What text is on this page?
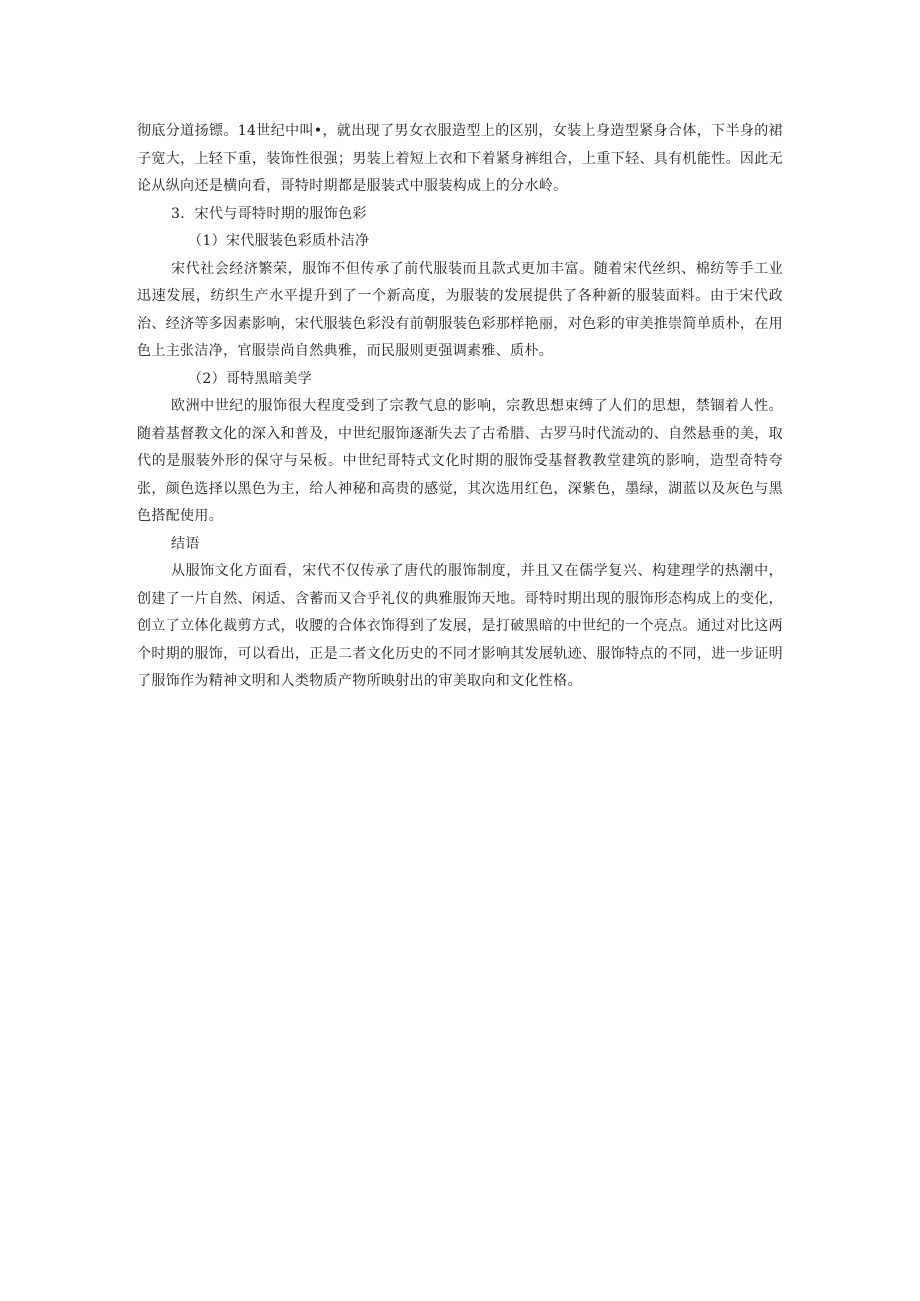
彻底分道扬镖。14世纪中叫•，就出现了男女衣服造型上的区别，女装上身造型紧身合体，下半身的裙子宽大，上轻下重，装饰性很强；男装上着短上衣和下着紧身裤组合，上重下轻、具有机能性。因此无论从纵向还是横向看，哥特时期都是服装式中服装构成上的分水岭。

3．宋代与哥特时期的服饰色彩

（1）宋代服装色彩质朴洁净

宋代社会经济繁荣，服饰不但传承了前代服装而且款式更加丰富。随着宋代丝织、棉纺等手工业迅速发展，纺织生产水平提升到了一个新高度，为服装的发展提供了各种新的服装面料。由于宋代政治、经济等多因素影响，宋代服装色彩没有前朝服装色彩那样艳丽，对色彩的审美推崇简单质朴，在用色上主张洁净，官服崇尚自然典雅，而民服则更强调素雅、质朴。

（2）哥特黑暗美学

欧洲中世纪的服饰很大程度受到了宗教气息的影响，宗教思想束缚了人们的思想，禁锢着人性。随着基督教文化的深入和普及，中世纪服饰逐渐失去了古希腊、古罗马时代流动的、自然悬垂的美，取代的是服装外形的保守与呆板。中世纪哥特式文化时期的服饰受基督教教堂建筑的影响，造型奇特夸张，颜色选择以黑色为主，给人神秘和高贵的感觉，其次选用红色，深紫色，墨绿，湖蓝以及灰色与黑色搭配使用。

结语

从服饰文化方面看，宋代不仅传承了唐代的服饰制度，并且又在儒学复兴、构建理学的热潮中，创建了一片自然、闲适、含蓄而又合乎礼仪的典雅服饰天地。哥特时期出现的服饰形态构成上的变化，创立了立体化裁剪方式，收腰的合体衣饰得到了发展，是打破黑暗的中世纪的一个亮点。通过对比这两个时期的服饰，可以看出，正是二者文化历史的不同才影响其发展轨迹、服饰特点的不同，进一步证明了服饰作为精神文明和人类物质产物所映射出的审美取向和文化性格。
